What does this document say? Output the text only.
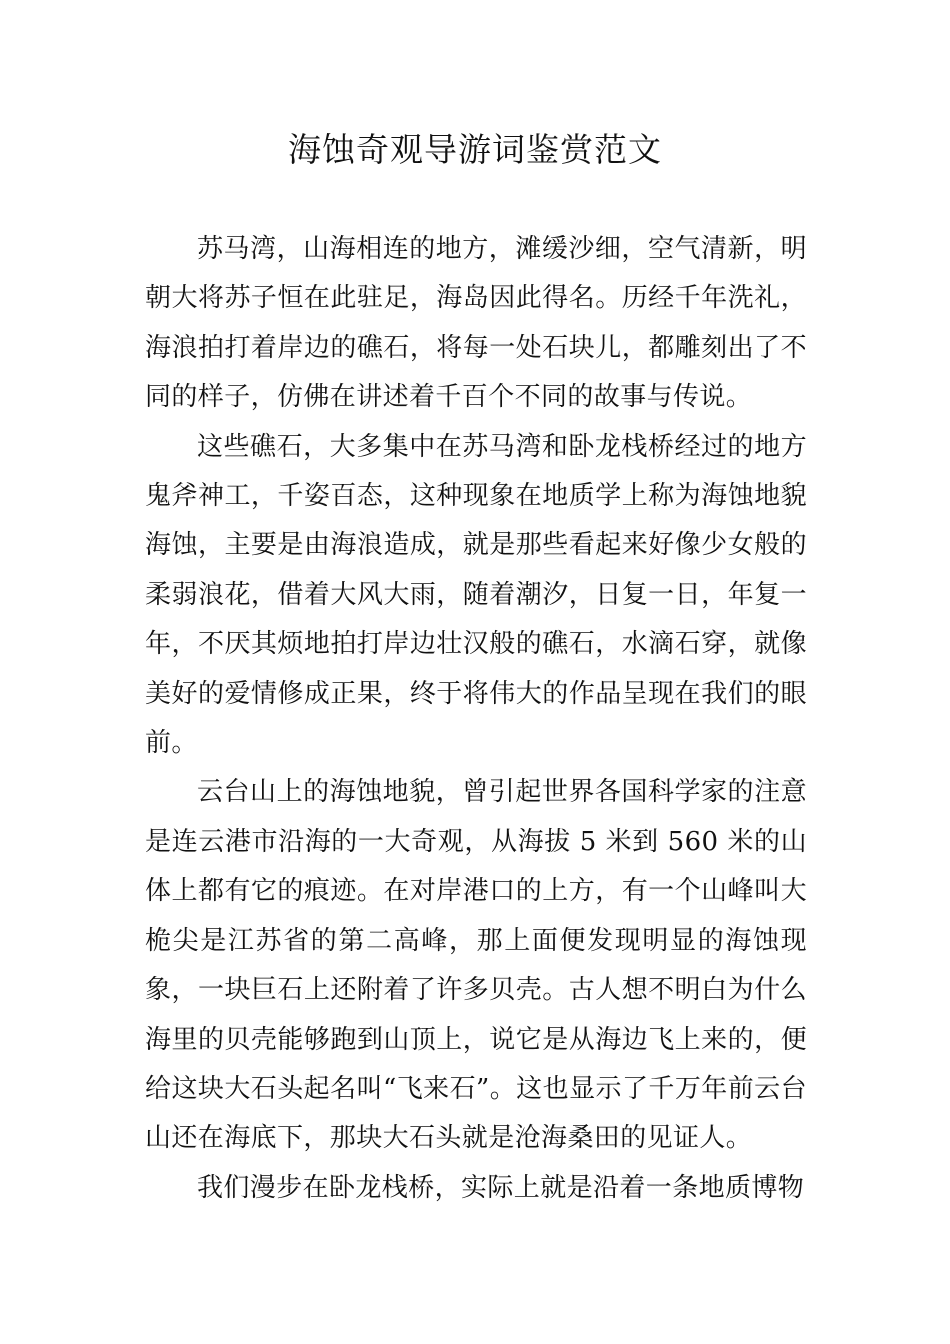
海蚀奇观导游词鉴赏范文

苏马湾，山海相连的地方，滩缓沙细，空气清新，明朝大将苏子恒在此驻足，海岛因此得名。历经千年洗礼，海浪拍打着岸边的礁石，将每一处石块儿，都雕刻出了不同的样子，仿佛在讲述着千百个不同的故事与传说。

这些礁石，大多集中在苏马湾和卧龙栈桥经过的地方鬼斧神工，千姿百态，这种现象在地质学上称为海蚀地貌海蚀，主要是由海浪造成，就是那些看起来好像少女般的柔弱浪花，借着大风大雨，随着潮汐，日复一日，年复一年，不厌其烦地拍打岸边壮汉般的礁石，水滴石穿，就像美好的爱情修成正果，终于将伟大的作品呈现在我们的眼前。

云台山上的海蚀地貌，曾引起世界各国科学家的注意是连云港市沿海的一大奇观，从海拔 5 米到 560 米的山体上都有它的痕迹。在对岸港口的上方，有一个山峰叫大桅尖是江苏省的第二高峰，那上面便发现明显的海蚀现象，一块巨石上还附着了许多贝壳。古人想不明白为什么海里的贝壳能够跑到山顶上，说它是从海边飞上来的，便给这块大石头起名叫“飞来石”。这也显示了千万年前云台山还在海底下，那块大石头就是沧海桑田的见证人。

我们漫步在卧龙栈桥，实际上就是沿着一条地质博物
